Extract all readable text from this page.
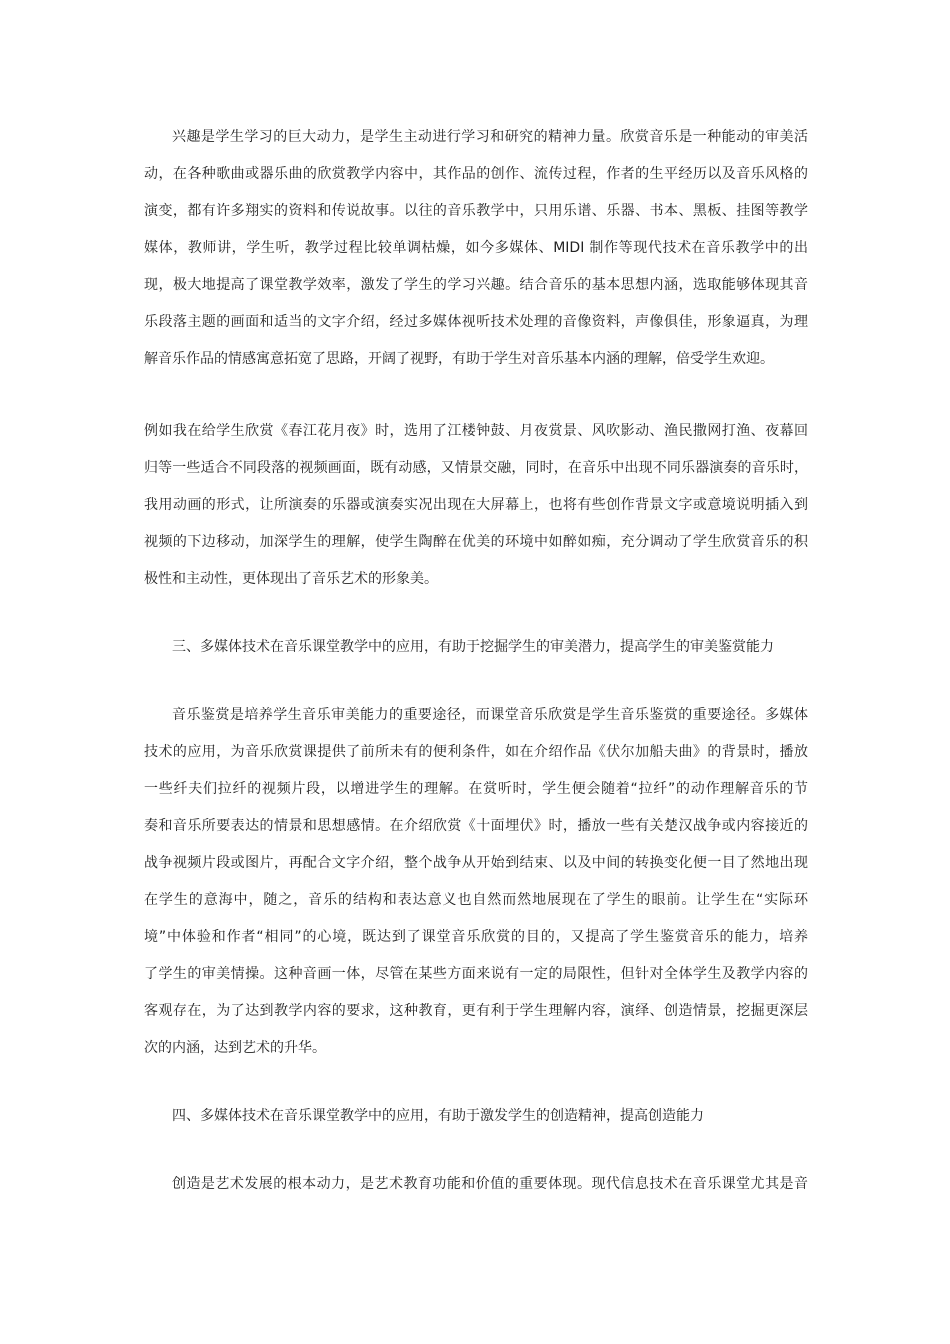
兴趣是学生学习的巨大动力，是学生主动进行学习和研究的精神力量。欣赏音乐是一种能动的审美活
动，在各种歌曲或器乐曲的欣赏教学内容中，其作品的创作、流传过程，作者的生平经历以及音乐风格的
演变，都有许多翔实的资料和传说故事。以往的音乐教学中，只用乐谱、乐器、书本、黑板、挂图等教学
媒体，教师讲，学生听，教学过程比较单调枯燥，如今多媒体、MIDI 制作等现代技术在音乐教学中的出
现，极大地提高了课堂教学效率，激发了学生的学习兴趣。结合音乐的基本思想内涵，选取能够体现其音
乐段落主题的画面和适当的文字介绍，经过多媒体视听技术处理的音像资料，声像俱佳，形象逼真，为理
解音乐作品的情感寓意拓宽了思路，开阔了视野，有助于学生对音乐基本内涵的理解，倍受学生欢迎。
例如我在给学生欣赏《春江花月夜》时，选用了江楼钟鼓、月夜赏景、风吹影动、渔民撒网打渔、夜幕回
归等一些适合不同段落的视频画面，既有动感，又情景交融，同时，在音乐中出现不同乐器演奏的音乐时，
我用动画的形式，让所演奏的乐器或演奏实况出现在大屏幕上，也将有些创作背景文字或意境说明插入到
视频的下边移动，加深学生的理解，使学生陶醉在优美的环境中如醉如痴，充分调动了学生欣赏音乐的积
极性和主动性，更体现出了音乐艺术的形象美。
三、多媒体技术在音乐课堂教学中的应用，有助于挖掘学生的审美潜力，提高学生的审美鉴赏能力
音乐鉴赏是培养学生音乐审美能力的重要途径，而课堂音乐欣赏是学生音乐鉴赏的重要途径。多媒体
技术的应用，为音乐欣赏课提供了前所未有的便利条件，如在介绍作品《伏尔加船夫曲》的背景时，播放
一些纤夫们拉纤的视频片段，以增进学生的理解。在赏听时，学生便会随着“拉纤”的动作理解音乐的节
奏和音乐所要表达的情景和思想感情。在介绍欣赏《十面埋伏》时，播放一些有关楚汉战争或内容接近的
战争视频片段或图片，再配合文字介绍，整个战争从开始到结束、以及中间的转换变化便一目了然地出现
在学生的意海中，随之，音乐的结构和表达意义也自然而然地展现在了学生的眼前。让学生在“实际环
境”中体验和作者“相同”的心境，既达到了课堂音乐欣赏的目的，又提高了学生鉴赏音乐的能力，培养
了学生的审美情操。这种音画一体，尽管在某些方面来说有一定的局限性，但针对全体学生及教学内容的
客观存在，为了达到教学内容的要求，这种教育，更有利于学生理解内容，演绎、创造情景，挖掘更深层
次的内涵，达到艺术的升华。
四、多媒体技术在音乐课堂教学中的应用，有助于激发学生的创造精神，提高创造能力
创造是艺术发展的根本动力，是艺术教育功能和价值的重要体现。现代信息技术在音乐课堂尤其是音
